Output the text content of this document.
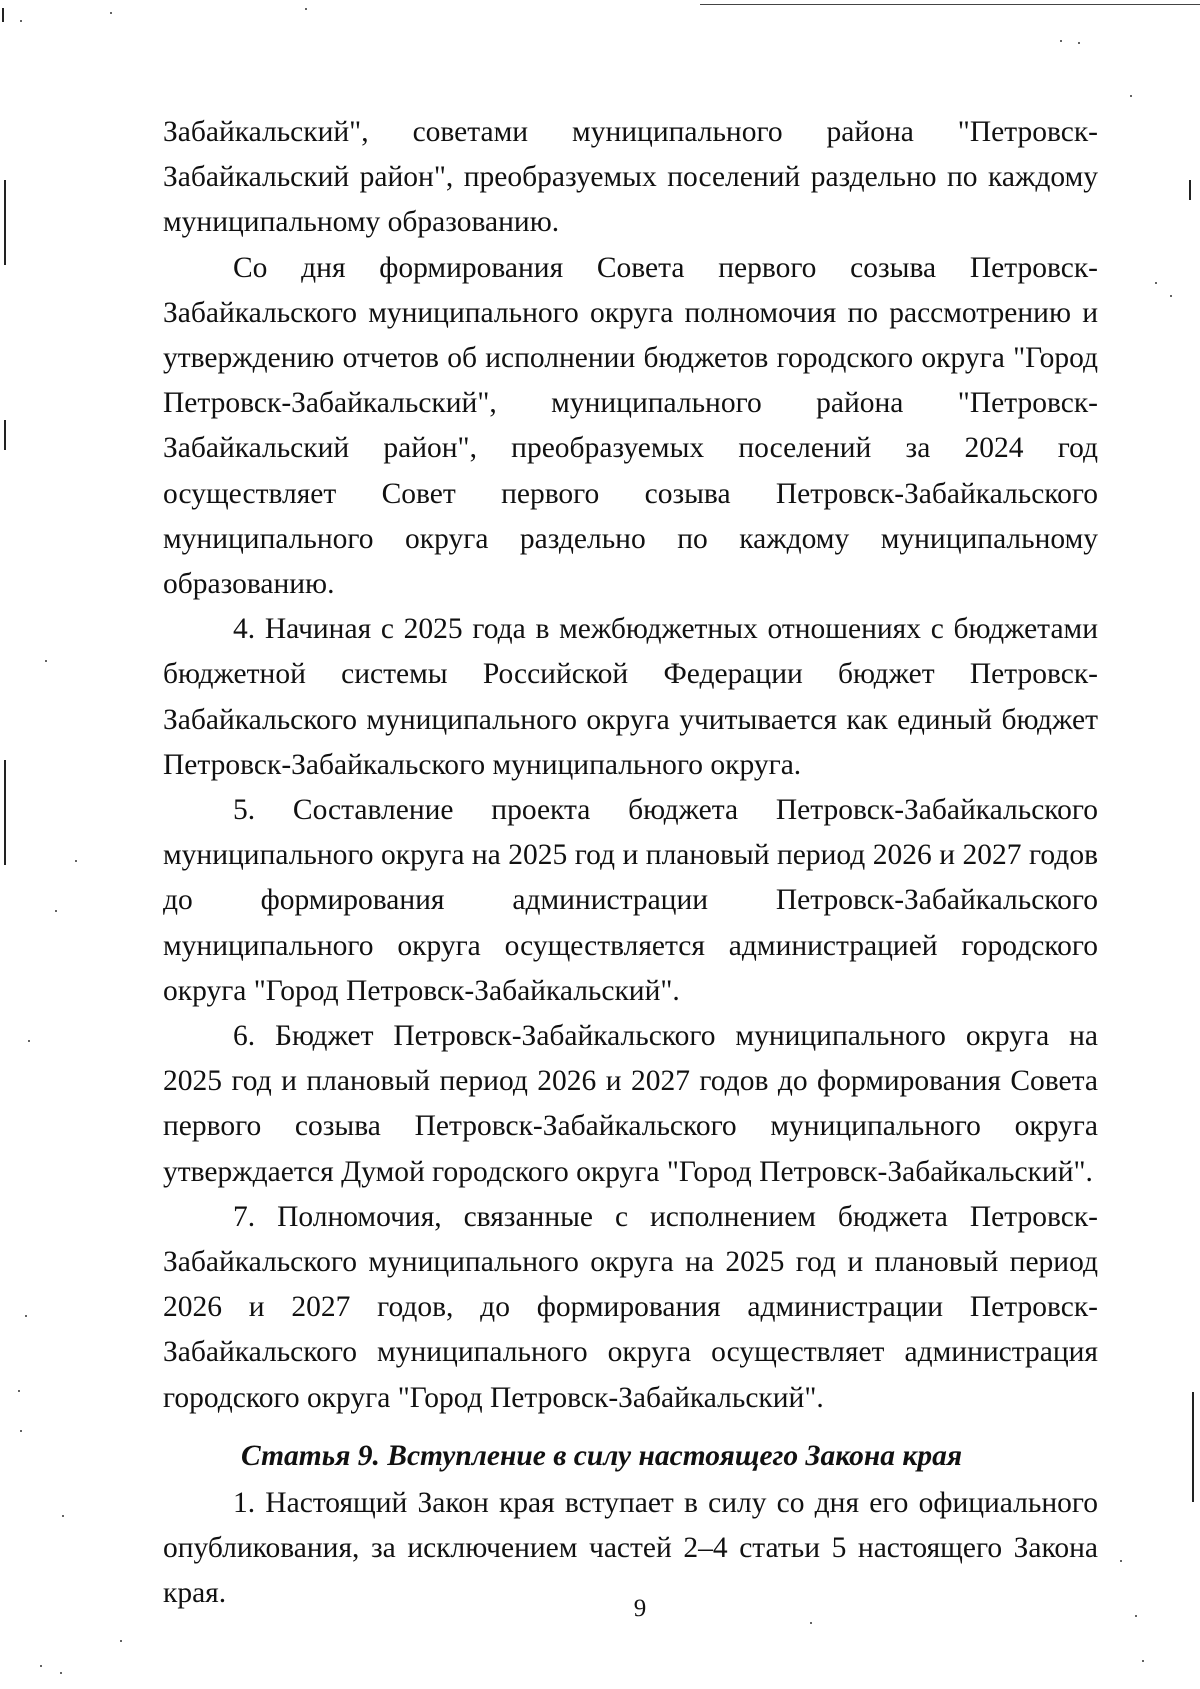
Забайкальский", советами муниципального района "Петровск-Забайкальский район", преобразуемых поселений раздельно по каждому муниципальному образованию.

Со дня формирования Совета первого созыва Петровск-Забайкальского муниципального округа полномочия по рассмотрению и утверждению отчетов об исполнении бюджетов городского округа "Город Петровск-Забайкальский", муниципального района "Петровск-Забайкальский район", преобразуемых поселений за 2024 год осуществляет Совет первого созыва Петровск-Забайкальского муниципального округа раздельно по каждому муниципальному образованию.

4. Начиная с 2025 года в межбюджетных отношениях с бюджетами бюджетной системы Российской Федерации бюджет Петровск-Забайкальского муниципального округа учитывается как единый бюджет Петровск-Забайкальского муниципального округа.

5. Составление проекта бюджета Петровск-Забайкальского муниципального округа на 2025 год и плановый период 2026 и 2027 годов до формирования администрации Петровск-Забайкальского муниципального округа осуществляется администрацией городского округа "Город Петровск-Забайкальский".

6. Бюджет Петровск-Забайкальского муниципального округа на 2025 год и плановый период 2026 и 2027 годов до формирования Совета первого созыва Петровск-Забайкальского муниципального округа утверждается Думой городского округа "Город Петровск-Забайкальский".

7. Полномочия, связанные с исполнением бюджета Петровск-Забайкальского муниципального округа на 2025 год и плановый период 2026 и 2027 годов, до формирования администрации Петровск-Забайкальского муниципального округа осуществляет администрация городского округа "Город Петровск-Забайкальский".

Статья 9. Вступление в силу настоящего Закона края

1. Настоящий Закон края вступает в силу со дня его официального опубликования, за исключением частей 2–4 статьи 5 настоящего Закона края.	9
